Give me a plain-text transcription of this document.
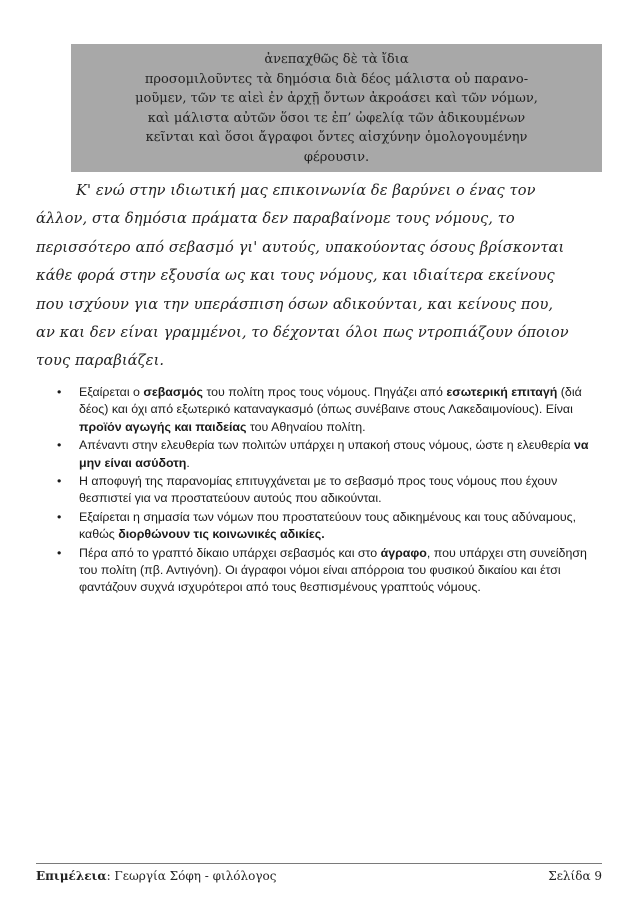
ἀνεπαχθῶς δὲ τὰ ἴδια
προσομιλοῦντες τὰ δημόσια διὰ δέος μάλιστα οὐ παρανο-
μοῦμεν, τῶν τε αἰεὶ ἐν ἀρχῇ ὄντων ἀκροάσει καὶ τῶν νόμων,
καὶ μάλιστα αὐτῶν ὅσοι τε ἐπ’ ὠφελίᾳ τῶν ἀδικουμένων
κεῖνται καὶ ὅσοι ἄγραφοι ὄντες αἰσχύνην ὁμολογουμένην
φέρουσιν.
Κ' ενώ στην ιδιωτική μας επικοινωνία δε βαρύνει ο ένας τον
άλλον, στα δημόσια πράματα δεν παραβαίνομε τους νόμους, το
περισσότερο από σεβασμό γι' αυτούς, υπακούοντας όσους βρίσκονται
κάθε φορά στην εξουσία ως και τους νόμους, και ιδιαίτερα εκείνους
που ισχύουν για την υπεράσπιση όσων αδικούνται, και κείνους που,
αν και δεν είναι γραμμένοι, το δέχονται όλοι πως ντροπιάζουν όποιον
τους παραβιάζει.
• Εξαίρεται ο σεβασμός του πολίτη προς τους νόμους. Πηγάζει από εσωτερική επιταγή (διά δέος) και όχι από εξωτερικό καταναγκασμό (όπως συνέβαινε στους Λακεδαιμονίους). Είναι προϊόν αγωγής και παιδείας του Αθηναίου πολίτη.
• Απέναντι στην ελευθερία των πολιτών υπάρχει η υπακοή στους νόμους, ώστε η ελευθερία να μην είναι ασύδοτη.
• Η αποφυγή της παρανομίας επιτυγχάνεται με το σεβασμό προς τους νόμους που έχουν θεσπιστεί για να προστατεύουν αυτούς που αδικούνται.
• Εξαίρεται η σημασία των νόμων που προστατεύουν τους αδικημένους και τους αδύναμους, καθώς διορθώνουν τις κοινωνικές αδικίες.
• Πέρα από το γραπτό δίκαιο υπάρχει σεβασμός και στο άγραφο, που υπάρχει στη συνείδηση του πολίτη (πβ. Αντιγόνη). Οι άγραφοι νόμοι είναι απόρροια του φυσικού δικαίου και έτσι φαντάζουν συχνά ισχυρότεροι από τους θεσπισμένους γραπτούς νόμους.
Επιμέλεια: Γεωργία Σόφη - φιλόλογος	Σελίδα 9
